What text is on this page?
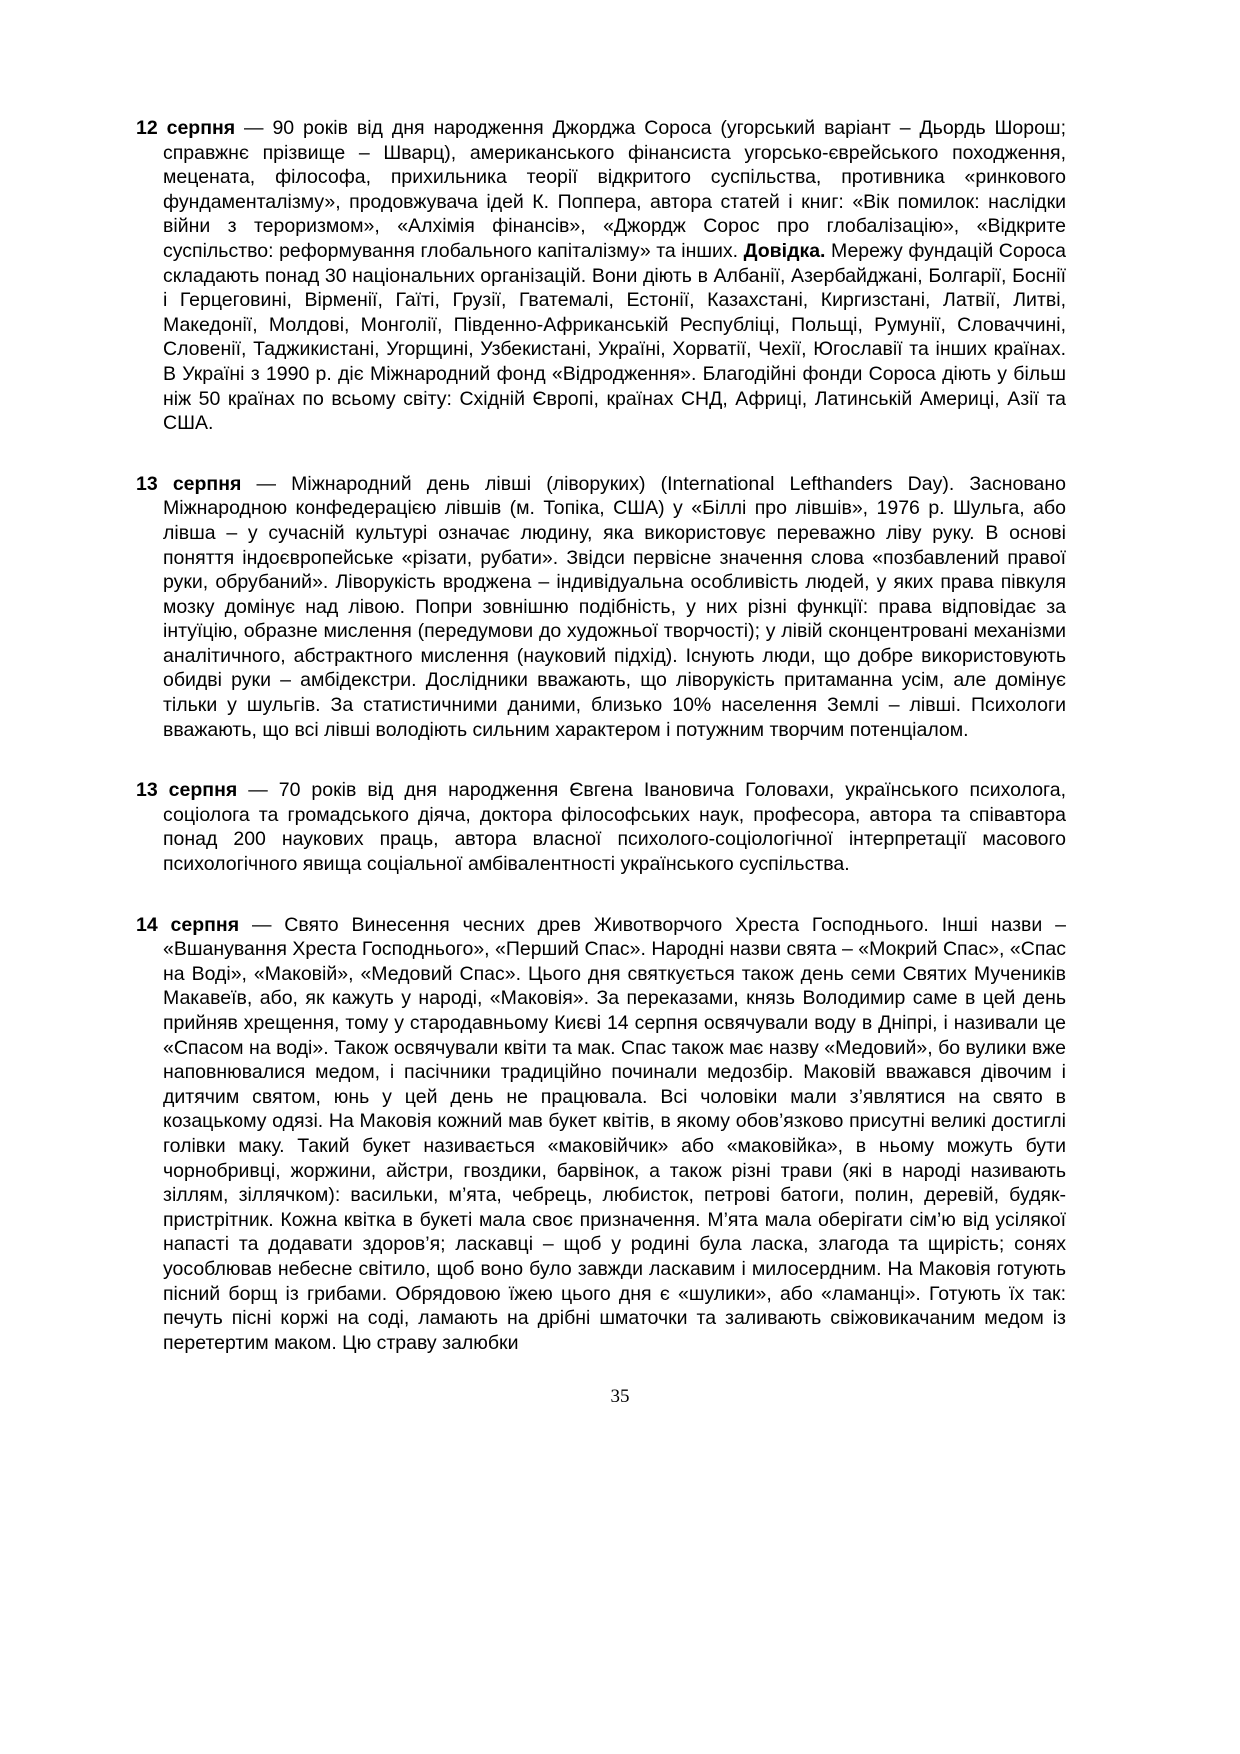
12 серпня — 90 років від дня народження Джорджа Сороса (угорський варіант – Дьордь Шорош; справжнє прізвище – Шварц), американського фінансиста угорсько-єврейського походження, мецената, філософа, прихильника теорії відкритого суспільства, противника «ринкового фундаменталізму», продовжувача ідей К. Поппера, автора статей і книг: «Вік помилок: наслідки війни з тероризмом», «Алхімія фінансів», «Джордж Сорос про глобалізацію», «Відкрите суспільство: реформування глобального капіталізму» та інших. Довідка. Мережу фундацій Сороса складають понад 30 національних організацій. Вони діють в Албанії, Азербайджані, Болгарії, Боснії і Герцеговині, Вірменії, Гаїті, Грузії, Гватемалі, Естонії, Казахстані, Киргизстані, Латвії, Литві, Македонії, Молдові, Монголії, Південно-Африканській Республіці, Польщі, Румунії, Словаччині, Словенії, Таджикистані, Угорщині, Узбекистані, Україні, Хорватії, Чехії, Югославії та інших країнах. В Україні з 1990 р. діє Міжнародний фонд «Відродження». Благодійні фонди Сороса діють у більш ніж 50 країнах по всьому світу: Східній Європі, країнах СНД, Африці, Латинській Америці, Азії та США.

13 серпня — Міжнародний день лівші (ліворуких) (International Lefthanders Day). Засновано Міжнародною конфедерацією лівшів (м. Топіка, США) у «Біллі про лівшів», 1976 р. Шульга, або лівша – у сучасній культурі означає людину, яка використовує переважно ліву руку. В основі поняття індоєвропейське «різати, рубати». Звідси первісне значення слова «позбавлений правої руки, обрубаний». Ліворукість вроджена – індивідуальна особливість людей, у яких права півкуля мозку домінує над лівою. Попри зовнішню подібність, у них різні функції: права відповідає за інтуїцію, образне мислення (передумови до художньої творчості); у лівій сконцентровані механізми аналітичного, абстрактного мислення (науковий підхід). Існують люди, що добре використовують обидві руки – амбідекстри. Дослідники вважають, що ліворукість притаманна усім, але домінує тільки у шульгів. За статистичними даними, близько 10% населення Землі – лівші. Психологи вважають, що всі лівші володіють сильним характером і потужним творчим потенціалом.

13 серпня — 70 років від дня народження Євгена Івановича Головахи, українського психолога, соціолога та громадського діяча, доктора філософських наук, професора, автора та співавтора понад 200 наукових праць, автора власної психолого-соціологічної інтерпретації масового психологічного явища соціальної амбівалентності українського суспільства.

14 серпня — Свято Винесення чесних древ Животворчого Хреста Господнього. Інші назви – «Вшанування Хреста Господнього», «Перший Спас». Народні назви свята – «Мокрий Спас», «Спас на Воді», «Маковій», «Медовий Спас». Цього дня святкується також день семи Святих Мучеників Макавеїв, або, як кажуть у народі, «Маковія». За переказами, князь Володимир саме в цей день прийняв хрещення, тому у стародавньому Києві 14 серпня освячували воду в Дніпрі, і називали це «Спасом на воді». Також освячували квіти та мак. Спас також має назву «Медовий», бо вулики вже наповнювалися медом, і пасічники традиційно починали медозбір. Маковій вважався дівочим і дитячим святом, юнь у цей день не працювала. Всі чоловіки мали з’являтися на свято в козацькому одязі. На Маковія кожний мав букет квітів, в якому обов’язково присутні великі достиглі голівки маку. Такий букет називається «маковійчик» або «маковійка», в ньому можуть бути чорнобривці, жоржини, айстри, гвоздики, барвінок, а також різні трави (які в народі називають зіллям, зіллячком): васильки, м’ята, чебрець, любисток, петрові батоги, полин, деревій, будяк-пристрітник. Кожна квітка в букеті мала своє призначення. М’ята мала оберігати сім’ю від усілякої напасті та додавати здоров’я; ласкавці – щоб у родині була ласка, злагода та щирість; сонях уособлював небесне світило, щоб воно було завжди ласкавим і милосердним. На Маковія готують пісний борщ із грибами. Обрядовою їжею цього дня є «шулики», або «ламанці». Готують їх так: печуть пісні коржі на соді, ламають на дрібні шматочки та заливають свіжовикачаним медом із перетертим маком. Цю страву залюбки

35
